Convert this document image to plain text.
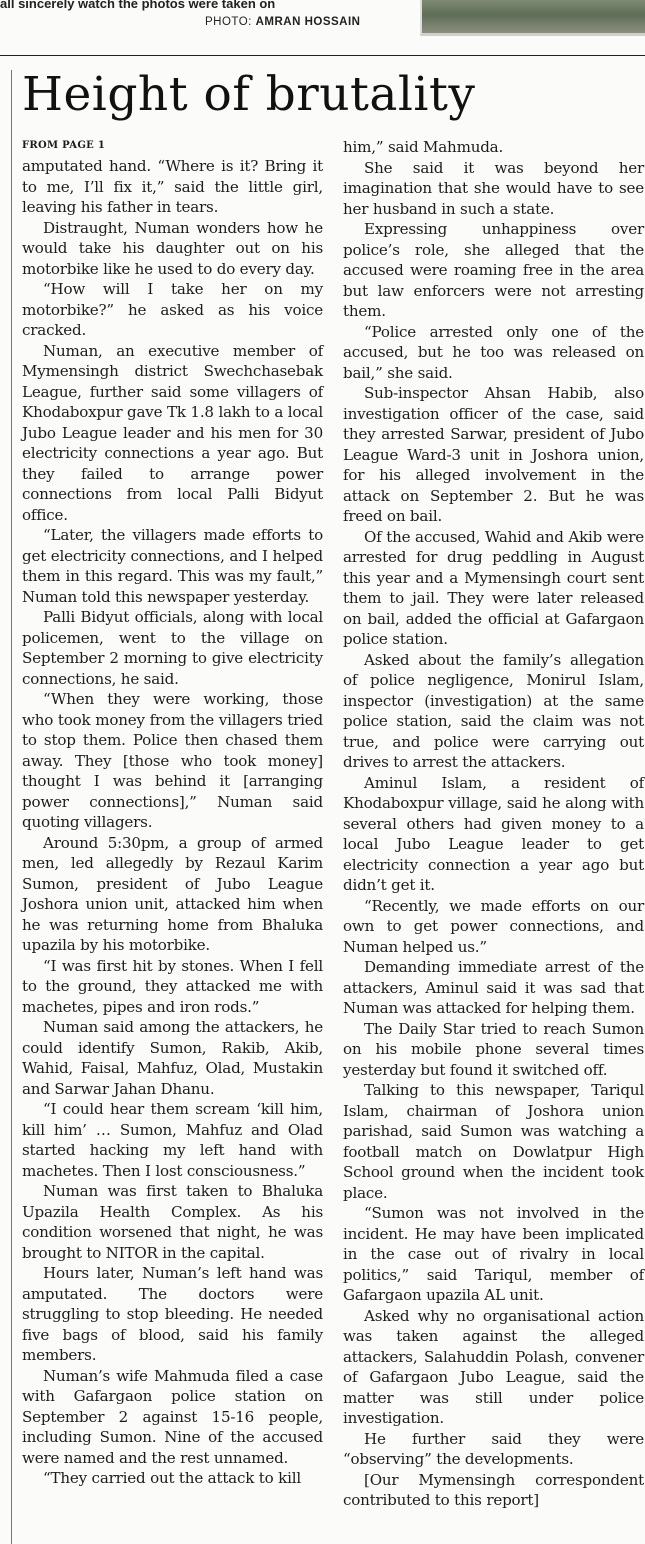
all sincerely watch the photos were taken on
PHOTO: AMRAN HOSSAIN
Height of brutality
FROM PAGE 1

amputated hand. “Where is it? Bring it to me, I’ll fix it,” said the little girl, leaving his father in tears.

Distraught, Numan wonders how he would take his daughter out on his motorbike like he used to do every day.

“How will I take her on my motorbike?” he asked as his voice cracked.

Numan, an executive member of Mymensingh district Swechchasebak League, further said some villagers of Khodaboxpur gave Tk 1.8 lakh to a local Jubo League leader and his men for 30 electricity connections a year ago. But they failed to arrange power connections from local Palli Bidyut office.

“Later, the villagers made efforts to get electricity connections, and I helped them in this regard. This was my fault,” Numan told this newspaper yesterday.

Palli Bidyut officials, along with local policemen, went to the village on September 2 morning to give electricity connections, he said.

“When they were working, those who took money from the villagers tried to stop them. Police then chased them away. They [those who took money] thought I was behind it [arranging power connections],” Numan said quoting villagers.

Around 5:30pm, a group of armed men, led allegedly by Rezaul Karim Sumon, president of Jubo League Joshora union unit, attacked him when he was returning home from Bhaluka upazila by his motorbike.

“I was first hit by stones. When I fell to the ground, they attacked me with machetes, pipes and iron rods.”

Numan said among the attackers, he could identify Sumon, Rakib, Akib, Wahid, Faisal, Mahfuz, Olad, Mustakin and Sarwar Jahan Dhanu.

“I could hear them scream ‘kill him, kill him’ … Sumon, Mahfuz and Olad started hacking my left hand with machetes. Then I lost consciousness.”

Numan was first taken to Bhaluka Upazila Health Complex. As his condition worsened that night, he was brought to NITOR in the capital.

Hours later, Numan’s left hand was amputated. The doctors were struggling to stop bleeding. He needed five bags of blood, said his family members.

Numan’s wife Mahmuda filed a case with Gafargaon police station on September 2 against 15-16 people, including Sumon. Nine of the accused were named and the rest unnamed.

“They carried out the attack to kill

him,” said Mahmuda.

She said it was beyond her imagination that she would have to see her husband in such a state.

Expressing unhappiness over police’s role, she alleged that the accused were roaming free in the area but law enforcers were not arresting them.

“Police arrested only one of the accused, but he too was released on bail,” she said.

Sub-inspector Ahsan Habib, also investigation officer of the case, said they arrested Sarwar, president of Jubo League Ward-3 unit in Joshora union, for his alleged involvement in the attack on September 2. But he was freed on bail.

Of the accused, Wahid and Akib were arrested for drug peddling in August this year and a Mymensingh court sent them to jail. They were later released on bail, added the official at Gafargaon police station.

Asked about the family’s allegation of police negligence, Monirul Islam, inspector (investigation) at the same police station, said the claim was not true, and police were carrying out drives to arrest the attackers.

Aminul Islam, a resident of Khodaboxpur village, said he along with several others had given money to a local Jubo League leader to get electricity connection a year ago but didn’t get it.

“Recently, we made efforts on our own to get power connections, and Numan helped us.”

Demanding immediate arrest of the attackers, Aminul said it was sad that Numan was attacked for helping them.

The Daily Star tried to reach Sumon on his mobile phone several times yesterday but found it switched off.

Talking to this newspaper, Tariqul Islam, chairman of Joshora union parishad, said Sumon was watching a football match on Dowlatpur High School ground when the incident took place.

“Sumon was not involved in the incident. He may have been implicated in the case out of rivalry in local politics,” said Tariqul, member of Gafargaon upazila AL unit.

Asked why no organisational action was taken against the alleged attackers, Salahuddin Polash, convener of Gafargaon Jubo League, said the matter was still under police investigation.

He further said they were “observing” the developments.

[Our Mymensingh correspondent contributed to this report]
